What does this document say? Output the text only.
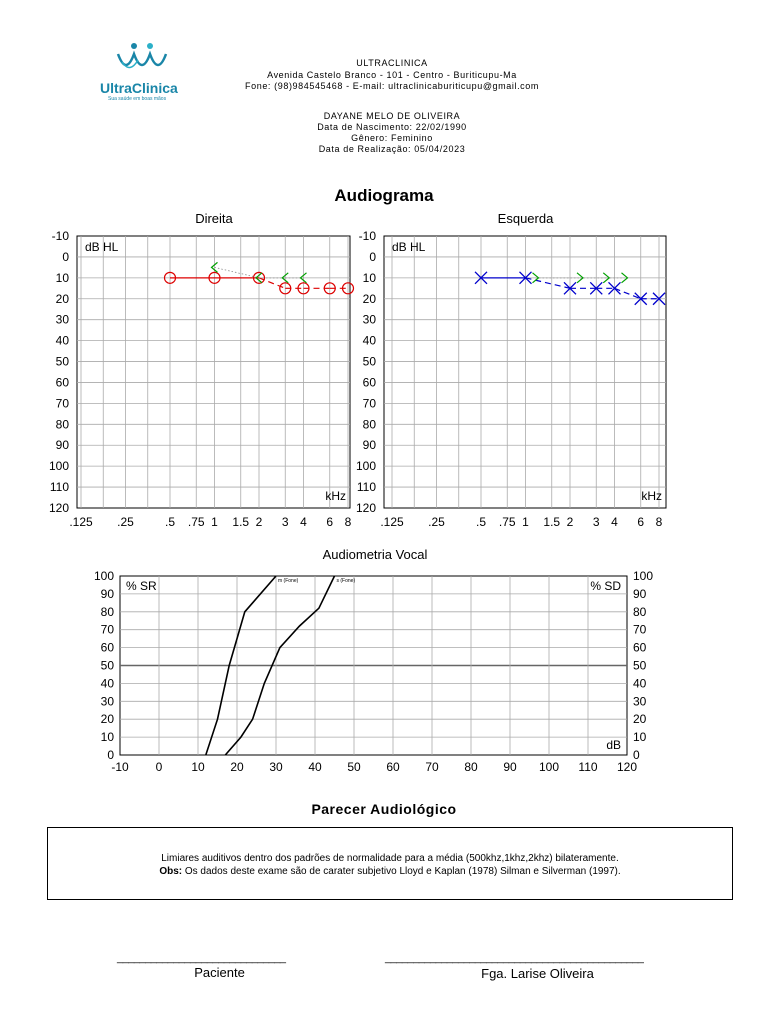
UltraClinica
Sua saúde em boas mãos
ULTRACLINICA
Avenida Castelo Branco - 101 - Centro - Buriticupu-Ma
Fone: (98)984545468 - E-mail: ultraclinicaburiticupu@gmail.com
DAYANE MELO DE OLIVEIRA
Data de Nascimento: 22/02/1990
Gênero: Feminino
Data de Realização: 05/04/2023
Audiograma
Direita	Esquerda
-10
0
10
20
30
40
50
60
70
80
90
100
110
120
.125 .25	.5 .75 1 1.5 2 3 4 6 8
dB HL
kHz
-10
0
10
20
30
40
50
60
70
80
90
100
110
120
.125 .25	.5 .75 1 1.5 2 3 4 6 8
dB HL
kHz
Audiometria Vocal
0
10
20
30
40
50
60
70
80
90
100	100
90
80
70
60
50
40
30
20
10
0
-10 0 10 20 30 40 50 60 70 80 90 100 110 120
% SR	% SD
dB
m (Fone)	s (Fone)
Parecer Audiológico
Limiares auditivos dentro dos padrões de normalidade para a média (500khz,1khz,2khz) bilateramente.
Obs: Os dados deste exame são de carater subjetivo Lloyd e Kaplan (1978) Silman e Silverman (1997).
______________________________
Paciente
______________________________________________
Fga. Larise Oliveira
